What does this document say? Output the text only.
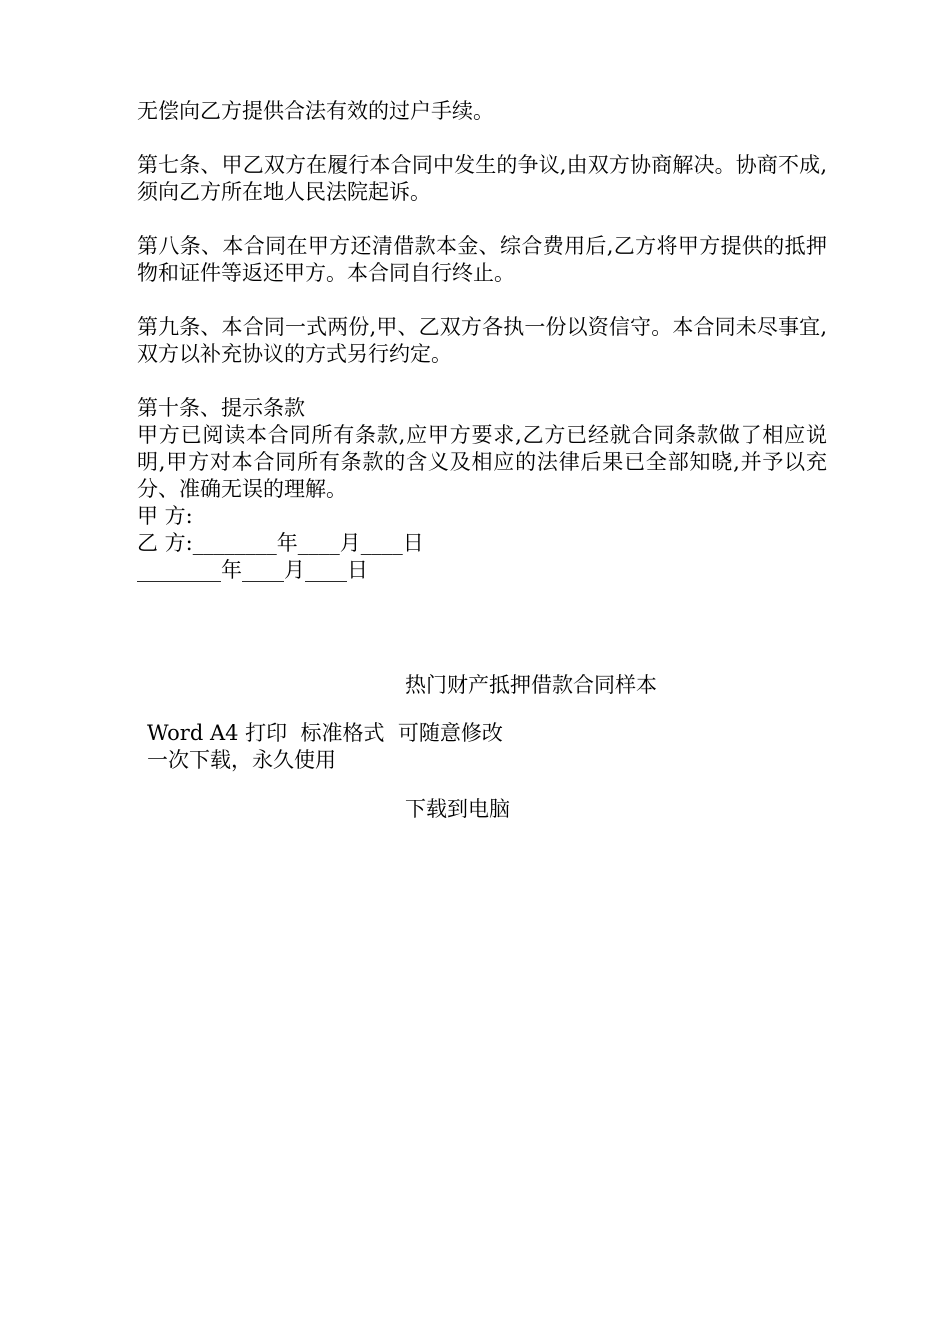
无偿向乙方提供合法有效的过户手续。

第七条、甲乙双方在履行本合同中发生的争议,由双方协商解决。协商不成,须向乙方所在地人民法院起诉。

第八条、本合同在甲方还清借款本金、综合费用后,乙方将甲方提供的抵押物和证件等返还甲方。本合同自行终止。

第九条、本合同一式两份,甲、乙双方各执一份以资信守。本合同未尽事宜,双方以补充协议的方式另行约定。

第十条、提示条款

甲方已阅读本合同所有条款,应甲方要求,乙方已经就合同条款做了相应说明,甲方对本合同所有条款的含义及相应的法律后果已全部知晓,并予以充分、准确无误的理解。

甲 方:

乙 方:________年____月____日

________年____月____日

热门财产抵押借款合同样本

Word A4 打印  标准格式  可随意修改

一次下载，永久使用

下载到电脑
